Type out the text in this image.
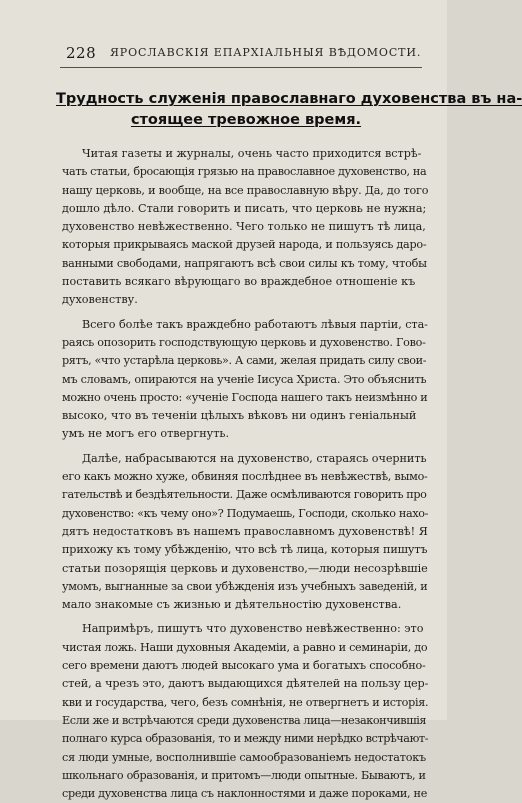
228 ЯРОСЛАВСКІЯ ЕПАРХІАЛЬНЫЯ ВѢДОМОСТИ.
Трудность служенія православнаго духовенства въ на-
стоящее тревожное время.
Читая газеты и журналы, очень часто приходится встрѣ-
чать статьи, бросающія грязью на православное духовенство, на
нашу церковь, и вообще, на все православную вѣру. Да, до того
дошло дѣло. Стали говорить и писать, что церковь не нужна;
духовенство невѣжественно. Чего только не пишутъ тѣ лица,
которыя прикрываясь маской друзей народа, и пользуясь даро-
ванными свободами, напрягаютъ всѣ свои силы къ тому, чтобы
поставить всякаго вѣрующаго во враждебное отношеніе къ
духовенству.
Всего болѣе такъ враждебно работаютъ лѣвыя партіи, ста-
раясь опозорить господствующую церковь и духовенство. Гово-
рятъ, «что устарѣла церковь». А сами, желая придать силу свои-
мъ словамъ, опираются на ученіе Іисуса Христа. Это объяснить
можно очень просто: «ученіе Господа нашего такъ неизмѣнно и
высоко, что въ теченіи цѣлыхъ вѣковъ ни одинъ геніальный
умъ не могъ его отвергнуть.
Далѣе, набрасываются на духовенство, стараясь очернить
его какъ можно хуже, обвиняя послѣднее въ невѣжествѣ, вымо-
гательствѣ и бездѣятельности. Даже осмѣливаются говорить про
духовенство: «къ чему оно»? Подумаешь, Господи, сколько нахо-
дятъ недостатковъ въ нашемъ православномъ духовенствѣ! Я
прихожу къ тому убѣжденію, что всѣ тѣ лица, которыя пишутъ
статьи позорящія церковь и духовенство,—люди несозрѣвшіе
умомъ, выгнанные за свои убѣжденія изъ учебныхъ заведеній, и
мало знакомые съ жизнью и дѣятельностію духовенства.
Напримѣръ, пишутъ что духовенство невѣжественно: это
чистая ложь. Наши духовныя Академіи, а равно и семинаріи, до
сего времени даютъ людей высокаго ума и богатыхъ способно-
стей, а чрезъ это, даютъ выдающихся дѣятелей на пользу цер-
кви и государства, чего, безъ сомнѣнія, не отвергнетъ и исторія.
Если же и встрѣчаются среди духовенства лица—незакончившія
полнаго курса образованія, то и между ними нерѣдко встрѣчают-
ся люди умные, восполнившіе самообразованіемъ недостатокъ
школьнаго образованія, и притомъ—люди опытные. Бываютъ, и
среди духовенства лица съ наклонностями и даже пороками, не
